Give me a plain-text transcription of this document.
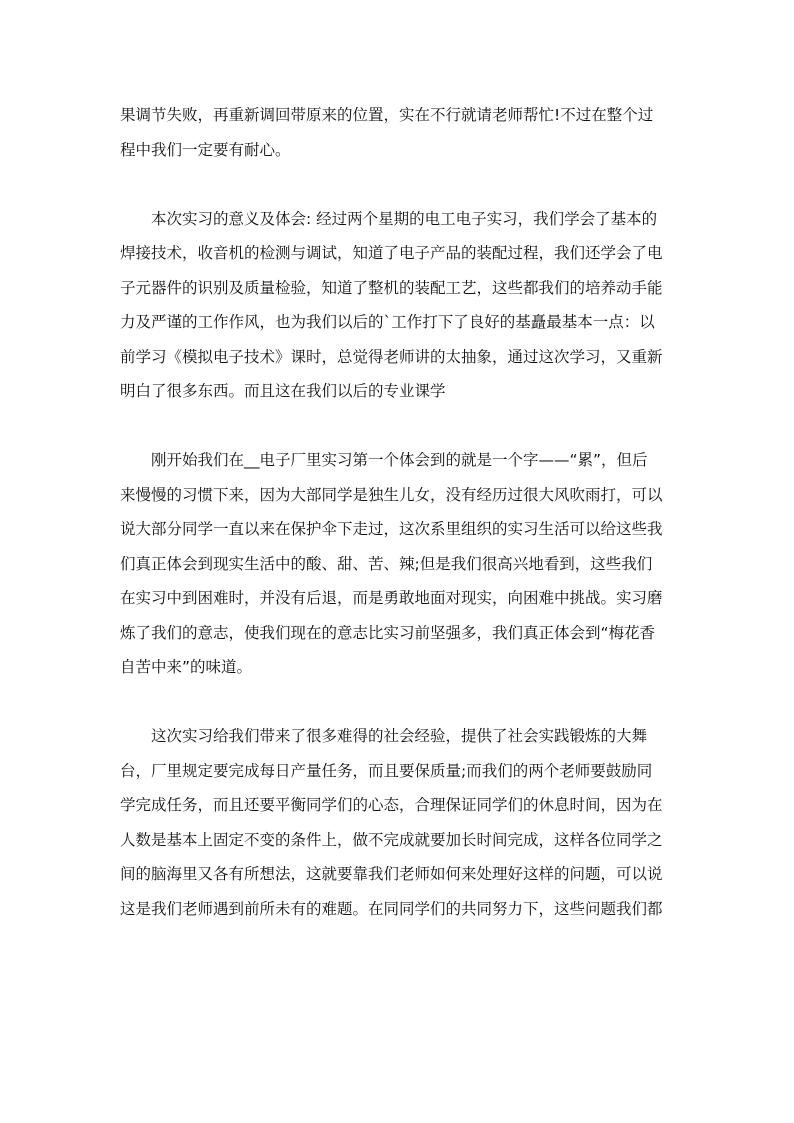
果调节失败，再重新调回带原来的位置，实在不行就请老师帮忙!不过在整个过
程中我们一定要有耐心。
　　本次实习的意义及体会: 经过两个星期的电工电子实习，我们学会了基本的
焊接技术，收音机的检测与调试，知道了电子产品的装配过程，我们还学会了电
子元器件的识别及质量检验，知道了整机的装配工艺，这些都我们的培养动手能
力及严谨的工作作风，也为我们以后的`工作打下了良好的基矗最基本一点：以
前学习《模拟电子技术》课时，总觉得老师讲的太抽象，通过这次学习，又重新
明白了很多东西。而且这在我们以后的专业课学
　　刚开始我们在__电子厂里实习第一个体会到的就是一个字——“累”，但后
来慢慢的习惯下来，因为大部同学是独生儿女，没有经历过很大风吹雨打，可以
说大部分同学一直以来在保护伞下走过，这次系里组织的实习生活可以给这些我
们真正体会到现实生活中的酸、甜、苦、辣;但是我们很高兴地看到，这些我们
在实习中到困难时，并没有后退，而是勇敢地面对现实，向困难中挑战。实习磨
炼了我们的意志，使我们现在的意志比实习前坚强多，我们真正体会到“梅花香
自苦中来”的味道。
　　这次实习给我们带来了很多难得的社会经验，提供了社会实践锻炼的大舞
台，厂里规定要完成每日产量任务，而且要保质量;而我们的两个老师要鼓励同
学完成任务，而且还要平衡同学们的心态，合理保证同学们的休息时间，因为在
人数是基本上固定不变的条件上，做不完成就要加长时间完成，这样各位同学之
间的脑海里又各有所想法，这就要靠我们老师如何来处理好这样的问题，可以说
这是我们老师遇到前所未有的难题。在同同学们的共同努力下，这些问题我们都
